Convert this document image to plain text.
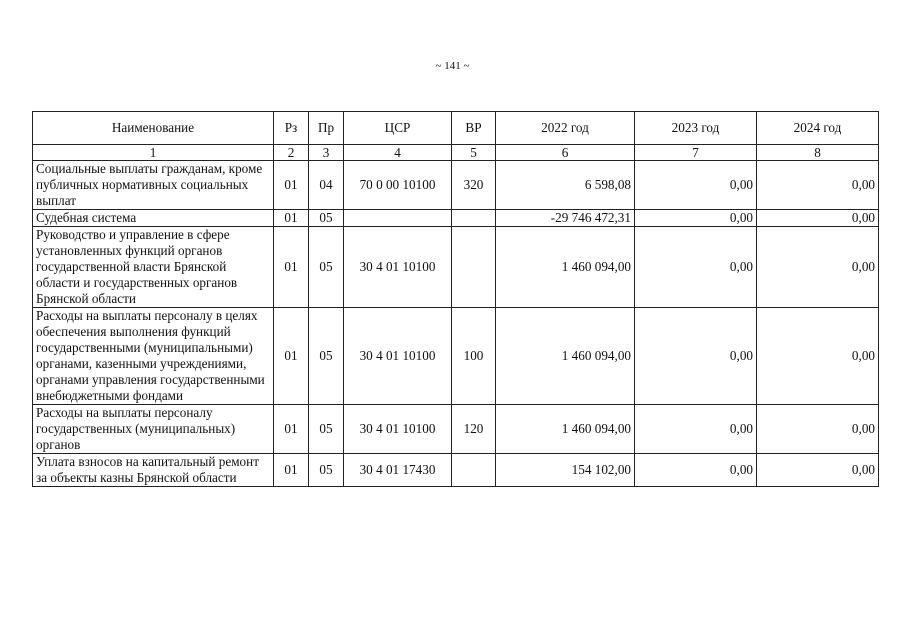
~ 141 ~
Наименование	Рз	Пр	ЦСР	ВР	2022 год	2023 год	2024 год
1	2	3	4	5	6	7	8
Социальные выплаты гражданам, кроме публичных нормативных социальных выплат	01	04	70 0 00 10100	320	6 598,08	0,00	0,00
Судебная система	01	05			-29 746 472,31	0,00	0,00
Руководство и управление в сфере установленных функций органов государственной власти Брянской области и государственных органов Брянской области	01	05	30 4 01 10100		1 460 094,00	0,00	0,00
Расходы на выплаты персоналу в целях обеспечения выполнения функций государственными (муниципальными) органами, казенными учреждениями, органами управления государственными внебюджетными фондами	01	05	30 4 01 10100	100	1 460 094,00	0,00	0,00
Расходы на выплаты персоналу государственных (муниципальных) органов	01	05	30 4 01 10100	120	1 460 094,00	0,00	0,00
Уплата взносов на капитальный ремонт за объекты казны Брянской области	01	05	30 4 01 17430		154 102,00	0,00	0,00
